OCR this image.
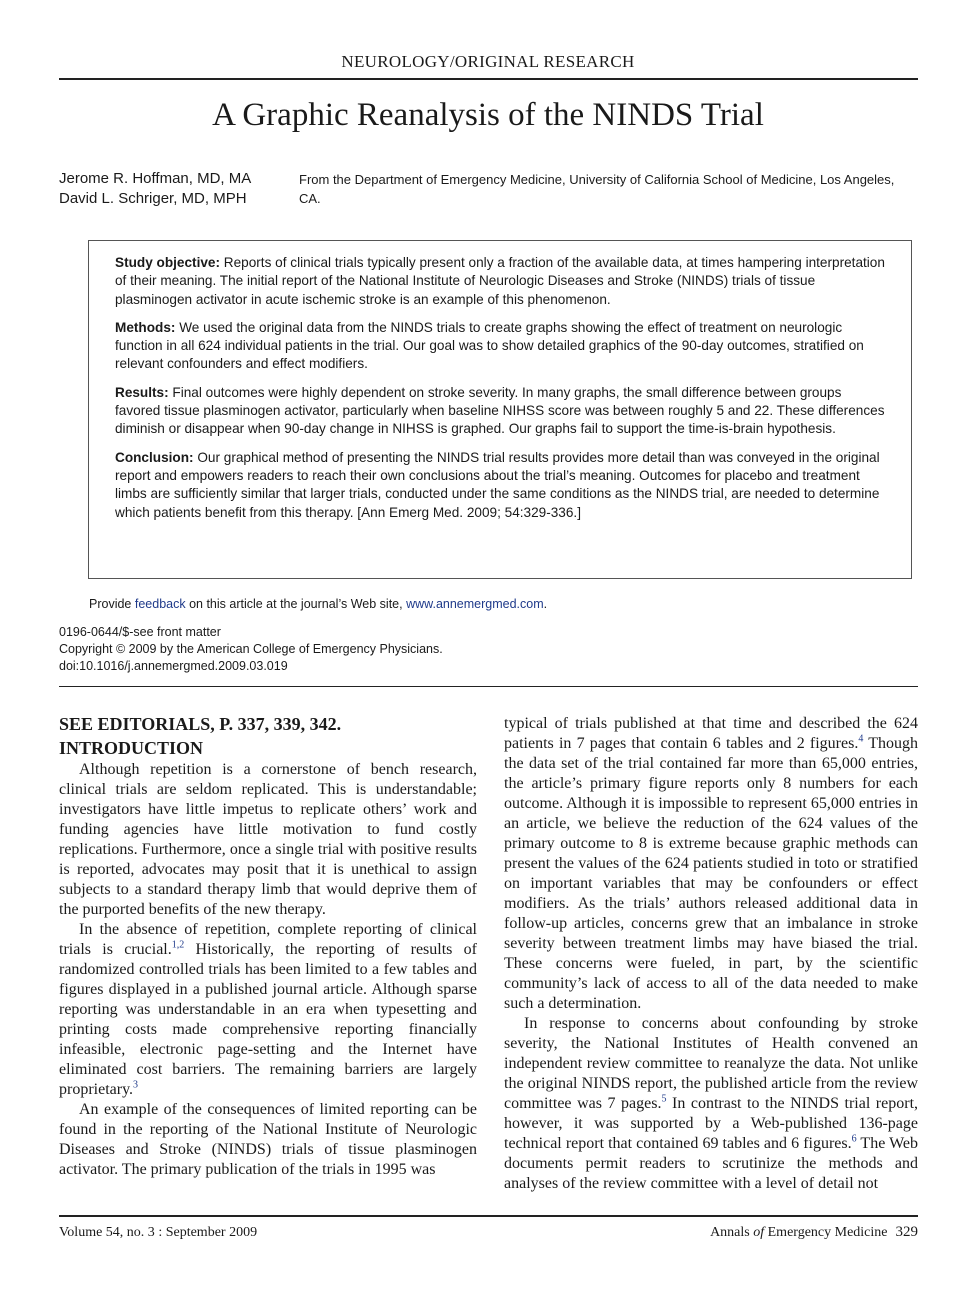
NEUROLOGY/ORIGINAL RESEARCH
A Graphic Reanalysis of the NINDS Trial
Jerome R. Hoffman, MD, MA
David L. Schriger, MD, MPH
From the Department of Emergency Medicine, University of California School of Medicine, Los Angeles, CA.

Study objective: Reports of clinical trials typically present only a fraction of the available data, at times hampering interpretation of their meaning. The initial report of the National Institute of Neurologic Diseases and Stroke (NINDS) trials of tissue plasminogen activator in acute ischemic stroke is an example of this phenomenon.

Methods: We used the original data from the NINDS trials to create graphs showing the effect of treatment on neurologic function in all 624 individual patients in the trial. Our goal was to show detailed graphics of the 90-day outcomes, stratified on relevant confounders and effect modifiers.

Results: Final outcomes were highly dependent on stroke severity. In many graphs, the small difference between groups favored tissue plasminogen activator, particularly when baseline NIHSS score was between roughly 5 and 22. These differences diminish or disappear when 90-day change in NIHSS is graphed. Our graphs fail to support the time-is-brain hypothesis.

Conclusion: Our graphical method of presenting the NINDS trial results provides more detail than was conveyed in the original report and empowers readers to reach their own conclusions about the trial’s meaning. Outcomes for placebo and treatment limbs are sufficiently similar that larger trials, conducted under the same conditions as the NINDS trial, are needed to determine which patients benefit from this therapy. [Ann Emerg Med. 2009; 54:329-336.]

Provide feedback on this article at the journal’s Web site, www.annemergmed.com.
0196-0644/$-see front matter
Copyright © 2009 by the American College of Emergency Physicians.
doi:10.1016/j.annemergmed.2009.03.019

SEE EDITORIALS, P. 337, 339, 342.

INTRODUCTION

Although repetition is a cornerstone of bench research, clinical trials are seldom replicated. This is understandable; investigators have little impetus to replicate others’ work and funding agencies have little motivation to fund costly replications. Furthermore, once a single trial with positive results is reported, advocates may posit that it is unethical to assign subjects to a standard therapy limb that would deprive them of the purported benefits of the new therapy.

In the absence of repetition, complete reporting of clinical trials is crucial.$^{1,2}$ Historically, the reporting of results of randomized controlled trials has been limited to a few tables and figures displayed in a published journal article. Although sparse reporting was understandable in an era when typesetting and printing costs made comprehensive reporting financially infeasible, electronic page-setting and the Internet have eliminated cost barriers. The remaining barriers are largely proprietary.$^3$

An example of the consequences of limited reporting can be found in the reporting of the National Institute of Neurologic Diseases and Stroke (NINDS) trials of tissue plasminogen activator. The primary publication of the trials in 1995 was

typical of trials published at that time and described the 624 patients in 7 pages that contain 6 tables and 2 figures.$^4$ Though the data set of the trial contained far more than 65,000 entries, the article’s primary figure reports only 8 numbers for each outcome. Although it is impossible to represent 65,000 entries in an article, we believe the reduction of the 624 values of the primary outcome to 8 is extreme because graphic methods can present the values of the 624 patients studied in toto or stratified on important variables that may be confounders or effect modifiers. As the trials’ authors released additional data in follow-up articles, concerns grew that an imbalance in stroke severity between treatment limbs may have biased the trial. These concerns were fueled, in part, by the scientific community’s lack of access to all of the data needed to make such a determination.

In response to concerns about confounding by stroke severity, the National Institutes of Health convened an independent review committee to reanalyze the data. Not unlike the original NINDS report, the published article from the review committee was 7 pages.$^5$ In contrast to the NINDS trial report, however, it was supported by a Web-published 136-page technical report that contained 69 tables and 6 figures.$^6$ The Web documents permit readers to scrutinize the methods and analyses of the review committee with a level of detail not

Volume 54, no. 3 : September 2009	Annals of Emergency Medicine 329
